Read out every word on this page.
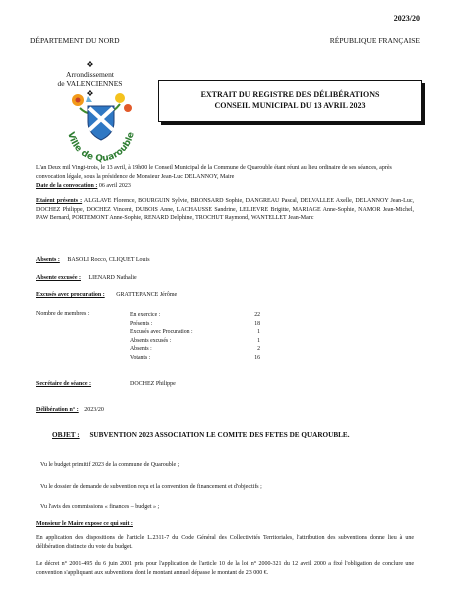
2023/20
DÉPARTEMENT DU NORD	RÉPUBLIQUE FRANÇAISE
❖
Arrondissement
de VALENCIENNES
❖
Ville de Quarouble
EXTRAIT DU REGISTRE DES DÉLIBÉRATIONS
CONSEIL MUNICIPAL DU 13 AVRIL 2023
L'an Deux mil Vingt-trois, le 13 avril, à 19h00 le Conseil Municipal de la Commune de Quarouble étant réuni au lieu ordinaire de ses séances, après convocation légale, sous la présidence de Monsieur Jean-Luc DELANNOY, Maire
Date de la convocation : 06 avril 2023
Etaient présents : ALGLAVE Florence, BOURGUIN Sylvie, BRONSARD Sophie, DANGREAU Pascal, DELVALLEE Axelle, DELANNOY Jean-Luc, DOCHEZ Philippe, DOCHEZ Vincent, DUBOIS Anne, LACHAUSSE Sandrine, LELIEVRE Brigitte, MARIAGE Anne-Sophie, NAMOR Jean-Michel, PAW Bernard, PORTEMONT Anne-Sophie, RENARD Delphine, TROCHUT Raymond, WANTELLET Jean-Marc
Absents : BASOLI Rocco, CLIQUET Louis
Absente excusée : LIENARD Nathalie
Excusés avec procuration : GRATTEPANCE Jérôme
Nombre de membres :	En exercice :	22
Présents :	18
Excusés avec Procuration :	1
Absents excusés :	1
Absents :	2
Votants :	16
Secrétaire de séance :	DOCHEZ Philippe
Délibération n° : 2023/20
OBJET : SUBVENTION 2023 ASSOCIATION LE COMITE DES FETES DE QUAROUBLE.
Vu le budget primitif 2023 de la commune de Quarouble ;
Vu le dossier de demande de subvention reçu et la convention de financement et d'objectifs ;
Vu l'avis des commissions « finances – budget » ;
Monsieur le Maire expose ce qui suit :
En application des dispositions de l'article L.2311-7 du Code Général des Collectivités Territoriales, l'attribution des subventions donne lieu à une délibération distincte du vote du budget.
Le décret n° 2001-495 du 6 juin 2001 pris pour l'application de l'article 10 de la loi n° 2000-321 du 12 avril 2000 a fixé l'obligation de conclure une convention s'appliquant aux subventions dont le montant annuel dépasse le montant de 23 000 €.
